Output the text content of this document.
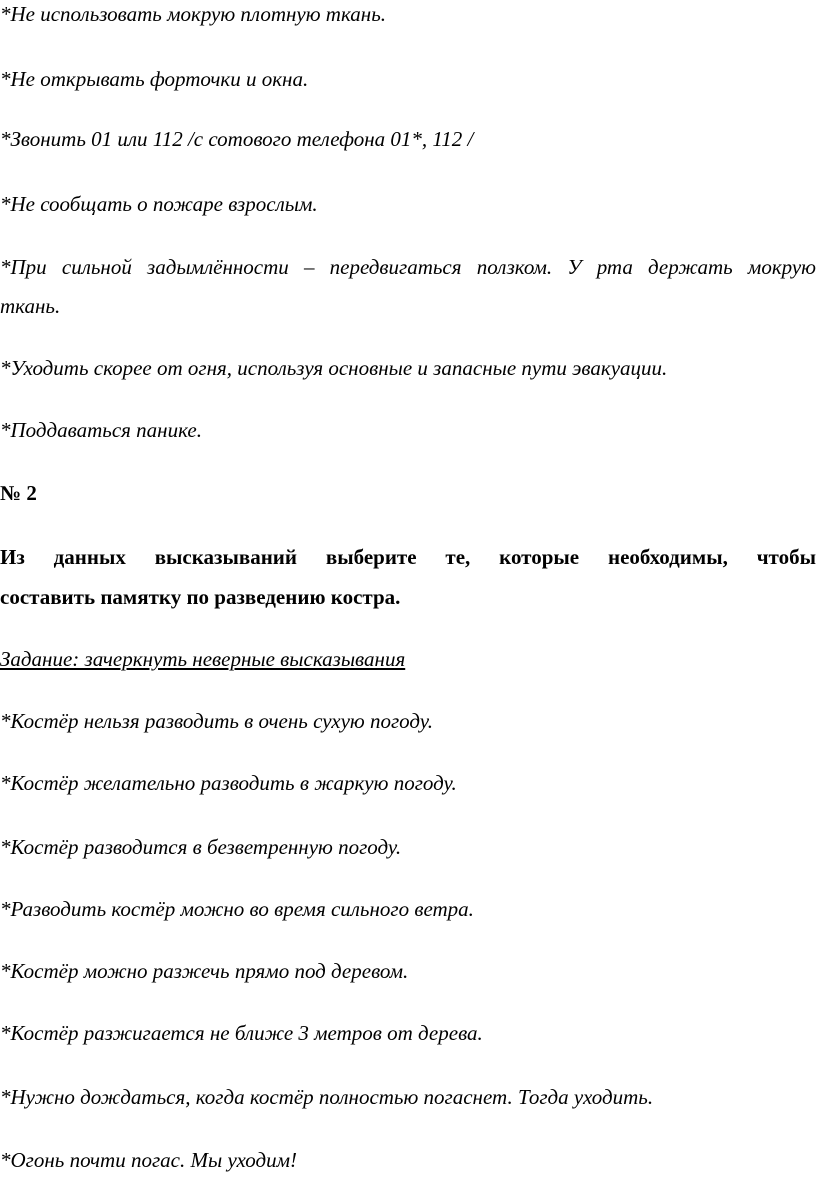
*Не использовать мокрую плотную ткань.

*Не открывать форточки и окна.

*Звонить 01 или 112 /с сотового телефона 01*, 112 /

*Не сообщать о пожаре взрослым.

*При сильной задымлённости – передвигаться ползком. У рта держать мокрую

ткань.

*Уходить скорее от огня, используя основные и запасные пути эвакуации.

*Поддаваться панике.

№ 2

Из данных высказываний выберите те, которые необходимы, чтобы

составить памятку по разведению костра.

Задание: зачеркнуть неверные высказывания

*Костёр нельзя разводить в очень сухую погоду.

*Костёр желательно разводить в жаркую погоду.

*Костёр разводится в безветренную погоду.

*Разводить костёр можно во время сильного ветра.

*Костёр можно разжечь прямо под деревом.

*Костёр разжигается не ближе 3 метров от дерева.

*Нужно дождаться, когда костёр полностью погаснет. Тогда уходить.

*Огонь почти погас. Мы уходим!
